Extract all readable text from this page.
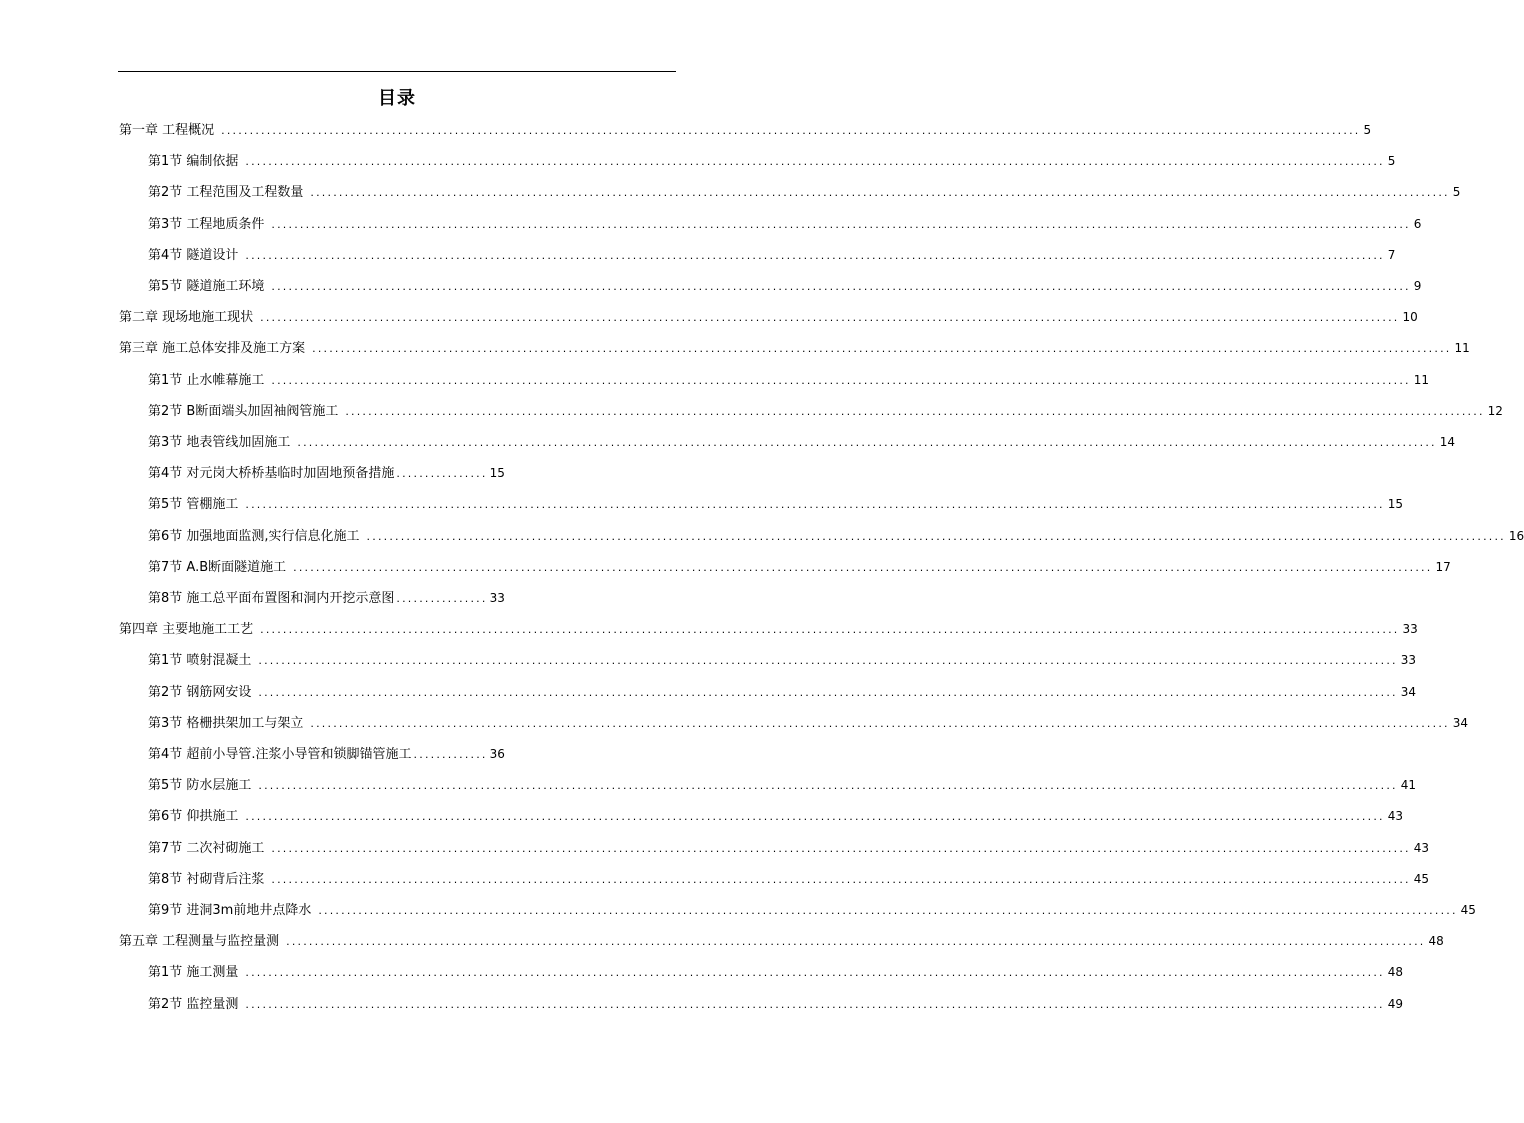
目录
第一章 工程概况 ........................................................................................................................................................................................................ 5
第1节 编制依据 ........................................................................................................................................................................................................ 5
第2节 工程范围及工程数量 ........................................................................................................................................................................................................ 5
第3节 工程地质条件 ........................................................................................................................................................................................................ 6
第4节 隧道设计 ........................................................................................................................................................................................................ 7
第5节 隧道施工环境 ........................................................................................................................................................................................................ 9
第二章 现场地施工现状 ........................................................................................................................................................................................................ 10
第三章 施工总体安排及施工方案 ........................................................................................................................................................................................................ 11
第1节 止水帷幕施工 ........................................................................................................................................................................................................ 11
第2节 B断面端头加固袖阀管施工 ........................................................................................................................................................................................................ 12
第3节 地表管线加固施工 ........................................................................................................................................................................................................ 14
第4节 对元岗大桥桥基临时加固地预备措施 ................ 15
第5节 管棚施工 ........................................................................................................................................................................................................ 15
第6节 加强地面监测,实行信息化施工 ........................................................................................................................................................................................................ 16
第7节 A.B断面隧道施工 ........................................................................................................................................................................................................ 17
第8节 施工总平面布置图和洞内开挖示意图 ................ 33
第四章 主要地施工工艺 ........................................................................................................................................................................................................ 33
第1节 喷射混凝土 ........................................................................................................................................................................................................ 33
第2节 钢筋网安设 ........................................................................................................................................................................................................ 34
第3节 格栅拱架加工与架立 ........................................................................................................................................................................................................ 34
第4节 超前小导管.注浆小导管和锁脚锚管施工 ............. 36
第5节 防水层施工 ........................................................................................................................................................................................................ 41
第6节 仰拱施工 ........................................................................................................................................................................................................ 43
第7节 二次衬砌施工 ........................................................................................................................................................................................................ 43
第8节 衬砌背后注浆 ........................................................................................................................................................................................................ 45
第9节 进洞3m前地井点降水 ........................................................................................................................................................................................................ 45
第五章 工程测量与监控量测 ........................................................................................................................................................................................................ 48
第1节 施工测量 ........................................................................................................................................................................................................ 48
第2节 监控量测 ........................................................................................................................................................................................................ 49
